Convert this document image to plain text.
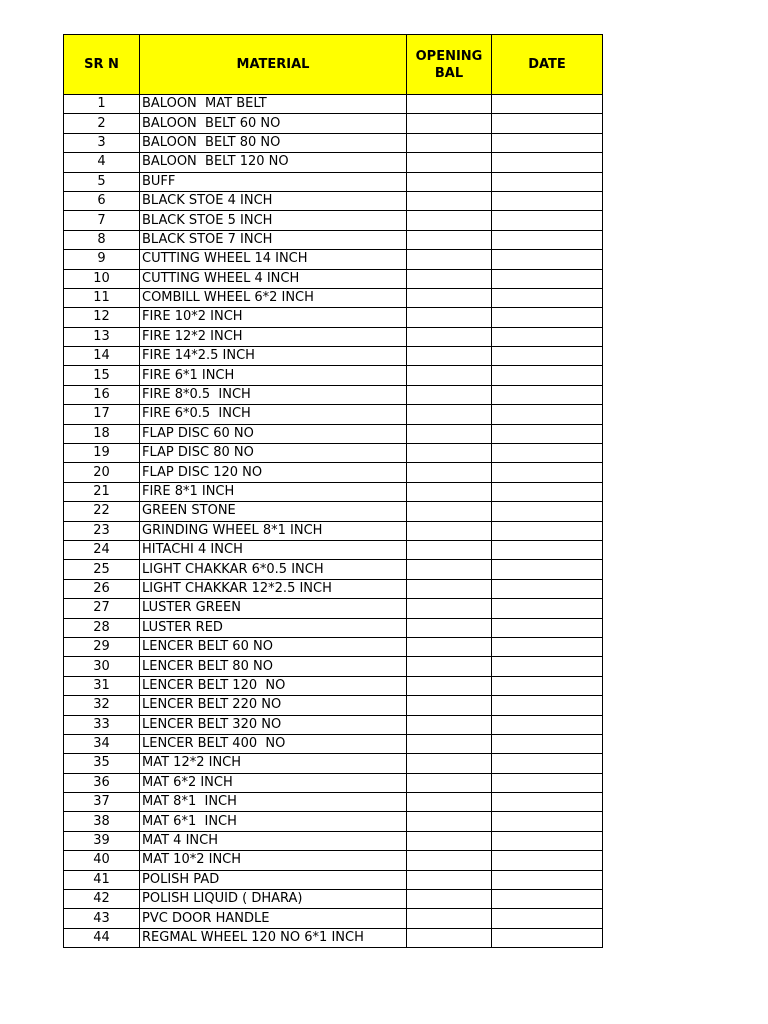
SR N	MATERIAL	OPENING BAL	DATE
1	BALOON  MAT BELT		
2	BALOON  BELT 60 NO		
3	BALOON  BELT 80 NO		
4	BALOON  BELT 120 NO		
5	BUFF		
6	BLACK STOE 4 INCH		
7	BLACK STOE 5 INCH		
8	BLACK STOE 7 INCH		
9	CUTTING WHEEL 14 INCH		
10	CUTTING WHEEL 4 INCH		
11	COMBILL WHEEL 6*2 INCH		
12	FIRE 10*2 INCH		
13	FIRE 12*2 INCH		
14	FIRE 14*2.5 INCH		
15	FIRE 6*1 INCH		
16	FIRE 8*0.5  INCH		
17	FIRE 6*0.5  INCH		
18	FLAP DISC 60 NO		
19	FLAP DISC 80 NO		
20	FLAP DISC 120 NO		
21	FIRE 8*1 INCH		
22	GREEN STONE		
23	GRINDING WHEEL 8*1 INCH		
24	HITACHI 4 INCH		
25	LIGHT CHAKKAR 6*0.5 INCH		
26	LIGHT CHAKKAR 12*2.5 INCH		
27	LUSTER GREEN		
28	LUSTER RED		
29	LENCER BELT 60 NO		
30	LENCER BELT 80 NO		
31	LENCER BELT 120  NO		
32	LENCER BELT 220 NO		
33	LENCER BELT 320 NO		
34	LENCER BELT 400  NO		
35	MAT 12*2 INCH		
36	MAT 6*2 INCH		
37	MAT 8*1  INCH		
38	MAT 6*1  INCH		
39	MAT 4 INCH		
40	MAT 10*2 INCH		
41	POLISH PAD		
42	POLISH LIQUID ( DHARA)		
43	PVC DOOR HANDLE		
44	REGMAL WHEEL 120 NO 6*1 INCH		
